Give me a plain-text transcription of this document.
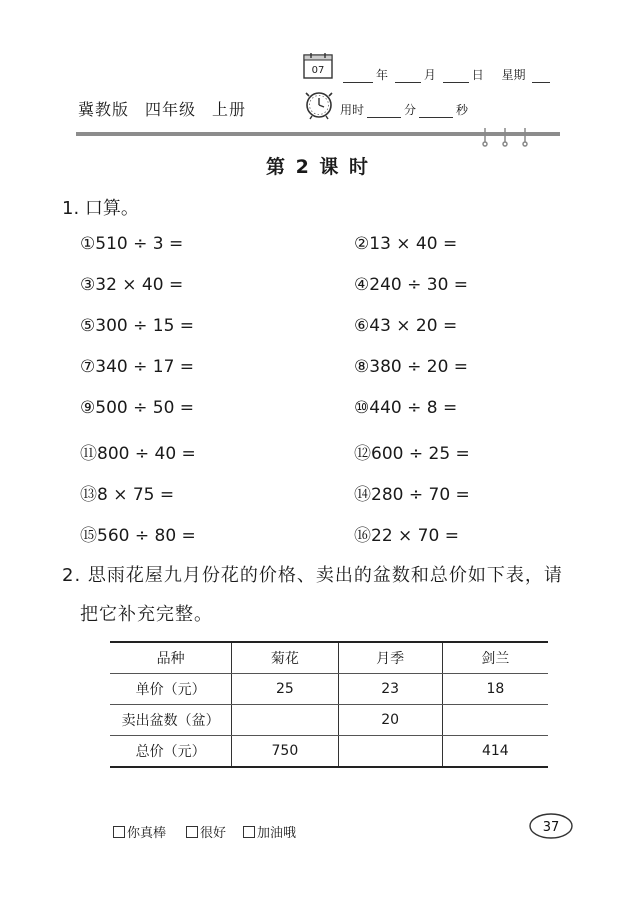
07	年	月	日 星期
冀教版 四年级 上册	用时	分	秒
第 2 课 时
1. 口算。
①510 ÷ 3 =	②13 × 40 =
③32 × 40 =	④240 ÷ 30 =
⑤300 ÷ 15 =	⑥43 × 20 =
⑦340 ÷ 17 =	⑧380 ÷ 20 =
⑨500 ÷ 50 =	⑩440 ÷ 8 =
⑪800 ÷ 40 =	⑫600 ÷ 25 =
⑬8 × 75 =	⑭280 ÷ 70 =
⑮560 ÷ 80 =	⑯22 × 70 =
2. 思雨花屋九月份花的价格、卖出的盆数和总价如下表，请
把它补充完整。
品种	菊花	月季	剑兰
单价（元）	25	23	18
卖出盆数（盆）		20	
总价（元）	750		414
你真棒	很好	加油哦	37
